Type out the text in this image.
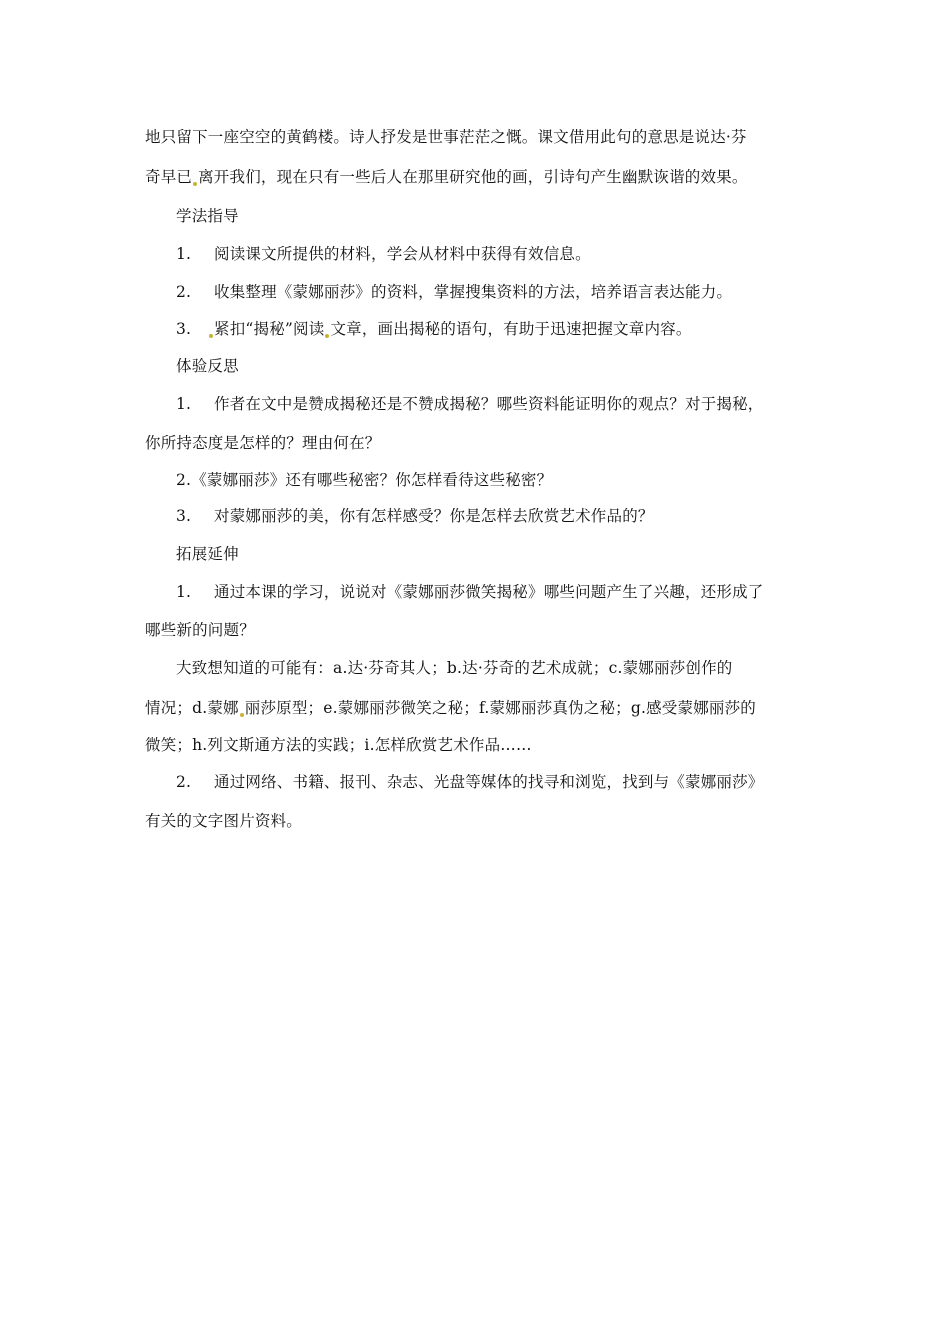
地只留下一座空空的黄鹤楼。诗人抒发是世事茫茫之慨。课文借用此句的意思是说达·芬
奇早已 离开我们，现在只有一些后人在那里研究他的画，引诗句产生幽默诙谐的效果。
学法指导
1. 阅读课文所提供的材料，学会从材料中获得有效信息。
2. 收集整理《蒙娜丽莎》的资料，掌握搜集资料的方法，培养语言表达能力。
3. 紧扣“揭秘”阅读 文章，画出揭秘的语句，有助于迅速把握文章内容。
体验反思
1. 作者在文中是赞成揭秘还是不赞成揭秘？哪些资料能证明你的观点？对于揭秘，
你所持态度是怎样的？理由何在？
2.《蒙娜丽莎》还有哪些秘密？你怎样看待这些秘密？
3. 对蒙娜丽莎的美，你有怎样感受？你是怎样去欣赏艺术作品的？
拓展延伸
1. 通过本课的学习，说说对《蒙娜丽莎微笑揭秘》哪些问题产生了兴趣，还形成了
哪些新的问题？
大致想知道的可能有：a.达·芬奇其人；b.达·芬奇的艺术成就；c.蒙娜丽莎创作的
情况；d.蒙娜 丽莎原型；e.蒙娜丽莎微笑之秘；f.蒙娜丽莎真伪之秘；g.感受蒙娜丽莎的
微笑；h.列文斯通方法的实践；i.怎样欣赏艺术作品……
2. 通过网络、书籍、报刊、杂志、光盘等媒体的找寻和浏览，找到与《蒙娜丽莎》
有关的文字图片资料。
